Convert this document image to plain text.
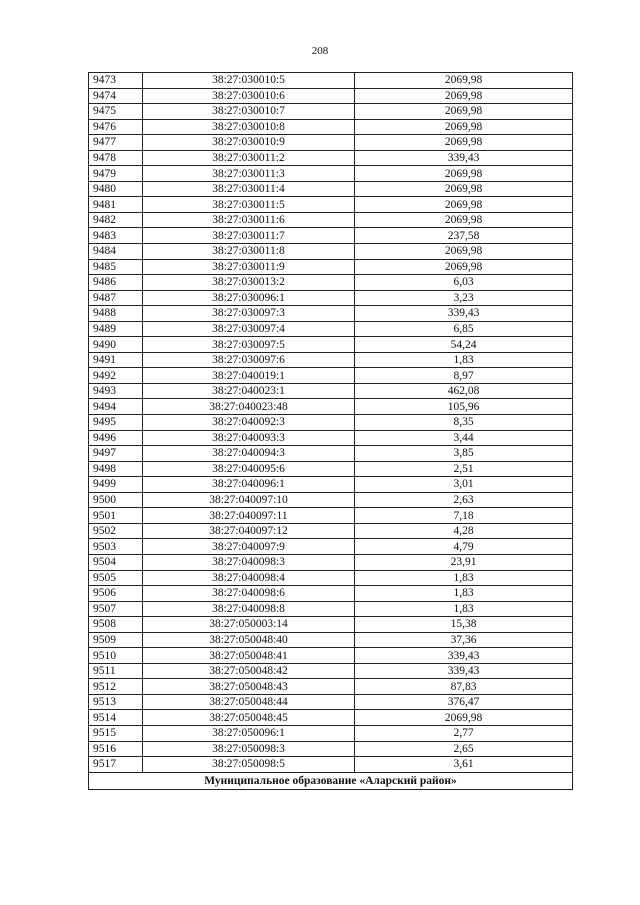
208
9473	38:27:030010:5	2069,98
9474	38:27:030010:6	2069,98
9475	38:27:030010:7	2069,98
9476	38:27:030010:8	2069,98
9477	38:27:030010:9	2069,98
9478	38:27:030011:2	339,43
9479	38:27:030011:3	2069,98
9480	38:27:030011:4	2069,98
9481	38:27:030011:5	2069,98
9482	38:27:030011:6	2069,98
9483	38:27:030011:7	237,58
9484	38:27:030011:8	2069,98
9485	38:27:030011:9	2069,98
9486	38:27:030013:2	6,03
9487	38:27:030096:1	3,23
9488	38:27:030097:3	339,43
9489	38:27:030097:4	6,85
9490	38:27:030097:5	54,24
9491	38:27:030097:6	1,83
9492	38:27:040019:1	8,97
9493	38:27:040023:1	462,08
9494	38:27:040023:48	105,96
9495	38:27:040092:3	8,35
9496	38:27:040093:3	3,44
9497	38:27:040094:3	3,85
9498	38:27:040095:6	2,51
9499	38:27:040096:1	3,01
9500	38:27:040097:10	2,63
9501	38:27:040097:11	7,18
9502	38:27:040097:12	4,28
9503	38:27:040097:9	4,79
9504	38:27:040098:3	23,91
9505	38:27:040098:4	1,83
9506	38:27:040098:6	1,83
9507	38:27:040098:8	1,83
9508	38:27:050003:14	15,38
9509	38:27:050048:40	37,36
9510	38:27:050048:41	339,43
9511	38:27:050048:42	339,43
9512	38:27:050048:43	87,83
9513	38:27:050048:44	376,47
9514	38:27:050048:45	2069,98
9515	38:27:050096:1	2,77
9516	38:27:050098:3	2,65
9517	38:27:050098:5	3,61
Муниципальное образование «Аларский район»		
